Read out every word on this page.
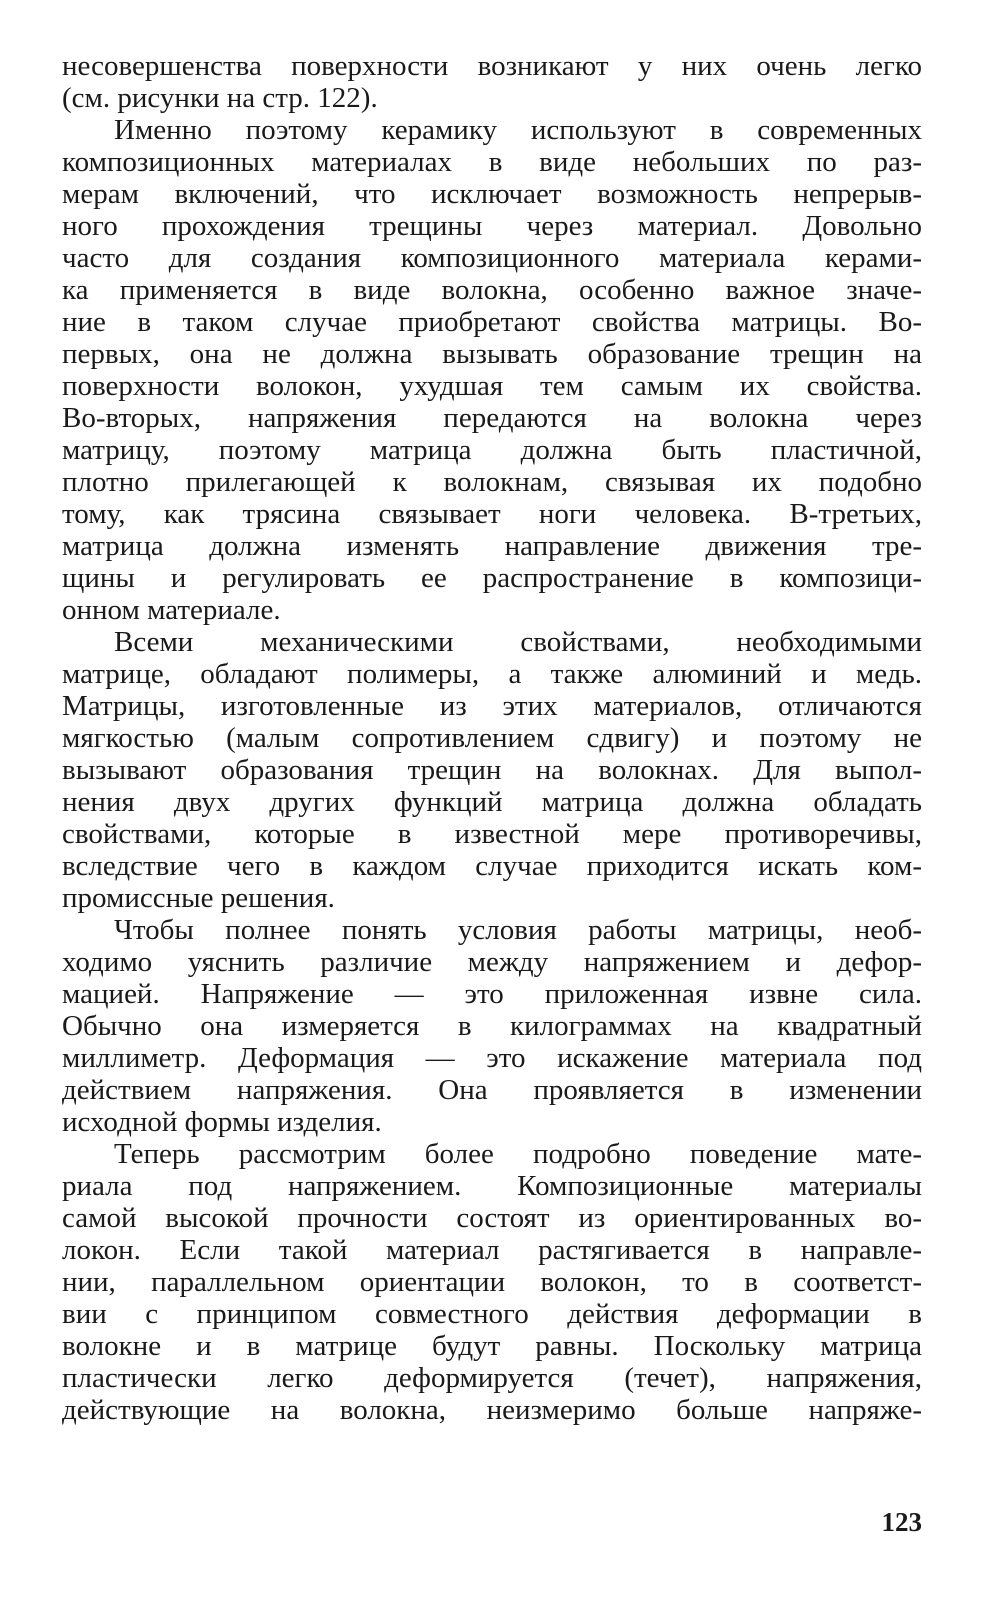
несовершенства поверхности возникают у них очень легко
(см. рисунки на стр. 122).
Именно поэтому керамику используют в современных
композиционных материалах в виде небольших по раз-
мерам включений, что исключает возможность непрерыв-
ного прохождения трещины через материал. Довольно
часто для создания композиционного материала керами-
ка применяется в виде волокна, особенно важное значе-
ние в таком случае приобретают свойства матрицы. Во-
первых, она не должна вызывать образование трещин на
поверхности волокон, ухудшая тем самым их свойства.
Во-вторых, напряжения передаются на волокна через
матрицу, поэтому матрица должна быть пластичной,
плотно прилегающей к волокнам, связывая их подобно
тому, как трясина связывает ноги человека. В-третьих,
матрица должна изменять направление движения тре-
щины и регулировать ее распространение в композици-
онном материале.
Всеми механическими свойствами, необходимыми
матрице, обладают полимеры, а также алюминий и медь.
Матрицы, изготовленные из этих материалов, отличаются
мягкостью (малым сопротивлением сдвигу) и поэтому не
вызывают образования трещин на волокнах. Для выпол-
нения двух других функций матрица должна обладать
свойствами, которые в известной мере противоречивы,
вследствие чего в каждом случае приходится искать ком-
промиссные решения.
Чтобы полнее понять условия работы матрицы, необ-
ходимо уяснить различие между напряжением и дефор-
мацией. Напряжение — это приложенная извне сила.
Обычно она измеряется в килограммах на квадратный
миллиметр. Деформация — это искажение материала под
действием напряжения. Она проявляется в изменении
исходной формы изделия.
Теперь рассмотрим более подробно поведение мате-
риала под напряжением. Композиционные материалы
самой высокой прочности состоят из ориентированных во-
локон. Если такой материал растягивается в направле-
нии, параллельном ориентации волокон, то в соответст-
вии с принципом совместного действия деформации в
волокне и в матрице будут равны. Поскольку матрица
пластически легко деформируется (течет), напряжения,
действующие на волокна, неизмеримо больше напряже-
123
